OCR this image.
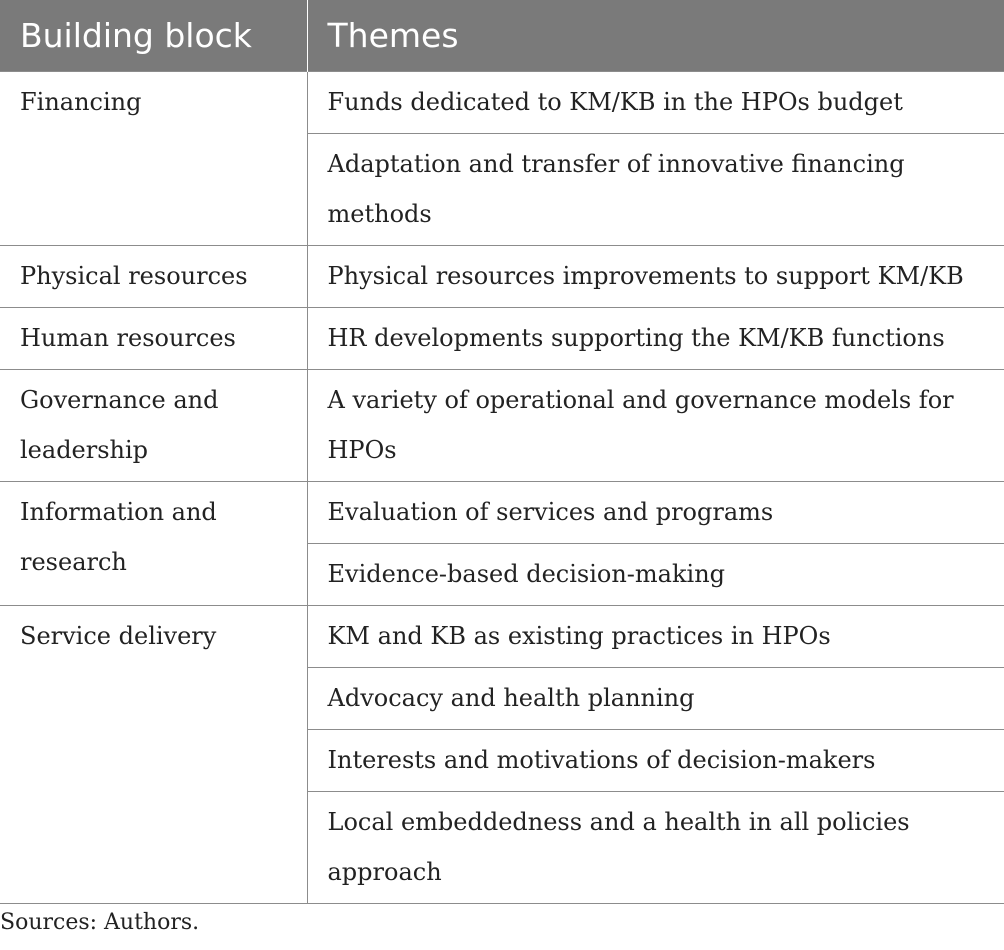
Building block	Themes
Financing	Funds dedicated to KM/KB in the HPOs budget
	Adaptation and transfer of innovative financing methods
Physical resources	Physical resources improvements to support KM/KB
Human resources	HR developments supporting the KM/KB functions
Governance and leadership	A variety of operational and governance models for HPOs
Information and research	Evaluation of services and programs
	Evidence-based decision-making
Service delivery	KM and KB as existing practices in HPOs
	Advocacy and health planning
	Interests and motivations of decision-makers
	Local embeddedness and a health in all policies approach
Sources: Authors.
